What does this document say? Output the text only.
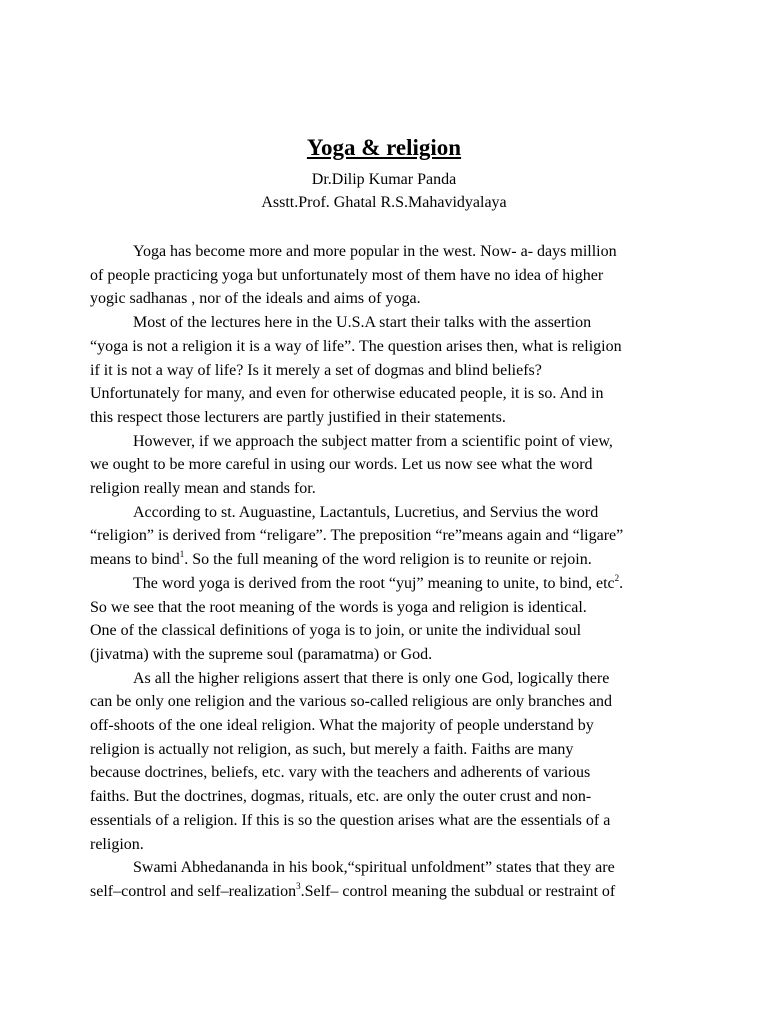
Yoga & religion
Dr.Dilip Kumar Panda
Asstt.Prof. Ghatal R.S.Mahavidyalaya

Yoga has become more and more popular in the west. Now- a- days million
of people practicing yoga but unfortunately most of them have no idea of higher
yogic sadhanas , nor of the ideals and aims of yoga.

Most of the lectures here in the U.S.A start their talks with the assertion
“yoga is not a religion it is a way of life”. The question arises then, what is religion
if it is not a way of life? Is it merely a set of dogmas and blind beliefs?
Unfortunately for many, and even for otherwise educated people, it is so. And in
this respect those lecturers are partly justified in their statements.

However, if we approach the subject matter from a scientific point of view,
we ought to be more careful in using our words. Let us now see what the word
religion really mean and stands for.

According to st. Auguastine, Lactantuls, Lucretius, and Servius the word
“religion” is derived from “religare”. The preposition “re”means again and “ligare”
means to bind$^1$. So the full meaning of the word religion is to reunite or rejoin.

The word yoga is derived from the root “yuj” meaning to unite, to bind, etc$^2$.
So we see that the root meaning of the words is yoga and religion is identical.
One of the classical definitions of yoga is to join, or unite the individual soul
(jivatma) with the supreme soul (paramatma) or God.

As all the higher religions assert that there is only one God, logically there
can be only one religion and the various so-called religious are only branches and
off-shoots of the one ideal religion. What the majority of people understand by
religion is actually not religion, as such, but merely a faith. Faiths are many
because doctrines, beliefs, etc. vary with the teachers and adherents of various
faiths. But the doctrines, dogmas, rituals, etc. are only the outer crust and non-
essentials of a religion. If this is so the question arises what are the essentials of a
religion.

Swami Abhedananda in his book,“spiritual unfoldment” states that they are
self–control and self–realization$^3$.Self– control meaning the subdual or restraint of
